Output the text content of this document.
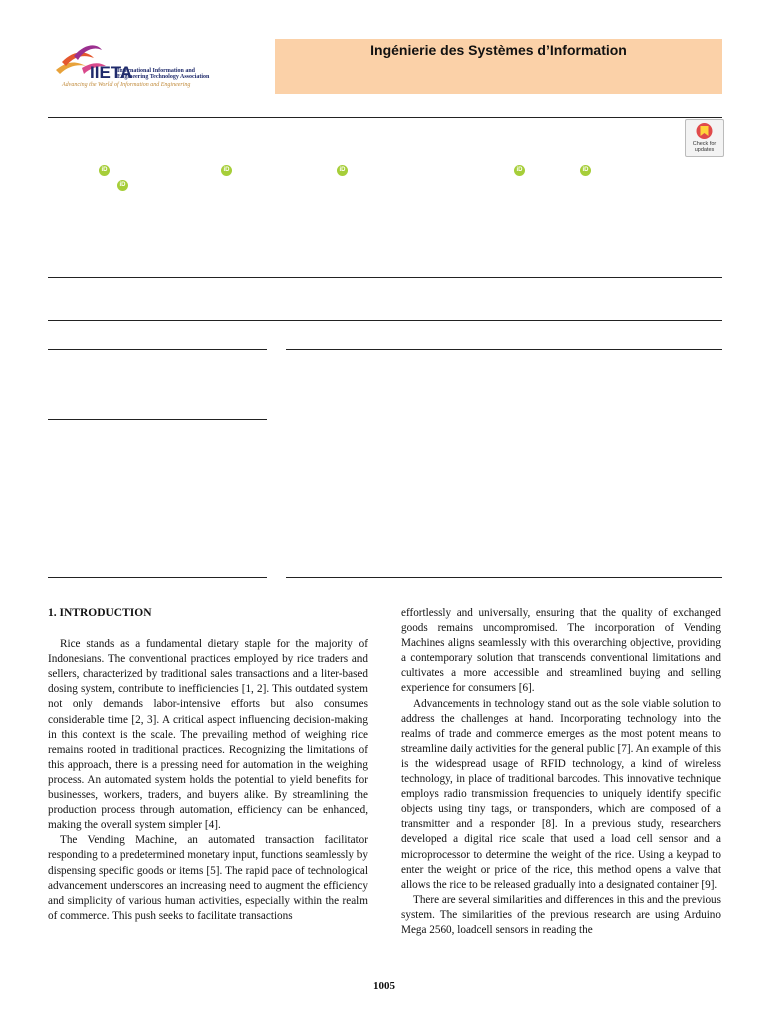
IIETA
International Information and
Engineering Technology Association
Advancing the World of Information and Engineering
Ingénierie des Systèmes d’Information
Check for updates
iD	iD	iD	iD	iD
iD
1. INTRODUCTION

Rice stands as a fundamental dietary staple for the majority of Indonesians. The conventional practices employed by rice traders and sellers, characterized by traditional sales transactions and a liter-based dosing system, contribute to inefficiencies [1, 2]. This outdated system not only demands labor-intensive efforts but also consumes considerable time [2, 3]. A critical aspect influencing decision-making in this context is the scale. The prevailing method of weighing rice remains rooted in traditional practices. Recognizing the limitations of this approach, there is a pressing need for automation in the weighing process. An automated system holds the potential to yield benefits for businesses, workers, traders, and buyers alike. By streamlining the production process through automation, efficiency can be enhanced, making the overall system simpler [4].

The Vending Machine, an automated transaction facilitator responding to a predetermined monetary input, functions seamlessly by dispensing specific goods or items [5]. The rapid pace of technological advancement underscores an increasing need to augment the efficiency and simplicity of various human activities, especially within the realm of commerce. This push seeks to facilitate transactions

effortlessly and universally, ensuring that the quality of exchanged goods remains uncompromised. The incorporation of Vending Machines aligns seamlessly with this overarching objective, providing a contemporary solution that transcends conventional limitations and cultivates a more accessible and streamlined buying and selling experience for consumers [6].

Advancements in technology stand out as the sole viable solution to address the challenges at hand. Incorporating technology into the realms of trade and commerce emerges as the most potent means to streamline daily activities for the general public [7]. An example of this is the widespread usage of RFID technology, a kind of wireless technology, in place of traditional barcodes. This innovative technique employs radio transmission frequencies to uniquely identify specific objects using tiny tags, or transponders, which are composed of a transmitter and a responder [8]. In a previous study, researchers developed a digital rice scale that used a load cell sensor and a microprocessor to determine the weight of the rice. Using a keypad to enter the weight or price of the rice, this method opens a valve that allows the rice to be released gradually into a designated container [9].

There are several similarities and differences in this and the previous system. The similarities of the previous research are using Arduino Mega 2560, loadcell sensors in reading the

1005
